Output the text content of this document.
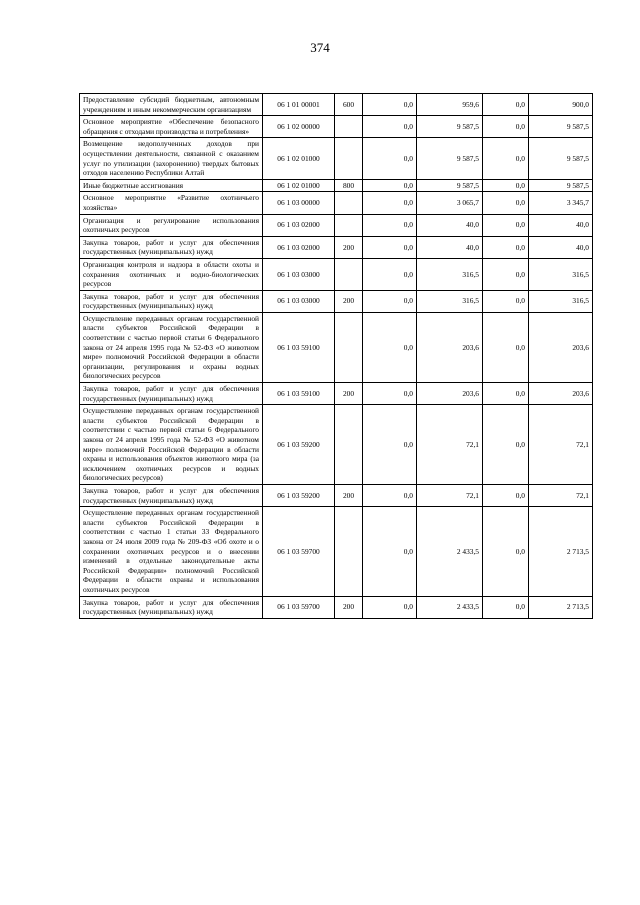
374
Предоставление субсидий бюджетным, автономным учреждениям и иным некоммерческим организациям	06 1 01 00001	600	0,0	959,6	0,0	900,0
Основное мероприятие «Обеспечение безопасного обращения с отходами производства и потребления»	06 1 02 00000		0,0	9 587,5	0,0	9 587,5
Возмещение недополученных доходов при осуществлении деятельности, связанной с оказанием услуг по утилизации (захоронению) твердых бытовых отходов населению Республики Алтай	06 1 02 01000		0,0	9 587,5	0,0	9 587,5
Иные бюджетные ассигнования	06 1 02 01000	800	0,0	9 587,5	0,0	9 587,5
Основное мероприятие «Развитие охотничьего хозяйства»	06 1 03 00000		0,0	3 065,7	0,0	3 345,7
Организация и регулирование использования охотничьих ресурсов	06 1 03 02000		0,0	40,0	0,0	40,0
Закупка товаров, работ и услуг для обеспечения государственных (муниципальных) нужд	06 1 03 02000	200	0,0	40,0	0,0	40,0
Организация контроля и надзора в области охоты и сохранения охотничьих и водно-биологических ресурсов	06 1 03 03000		0,0	316,5	0,0	316,5
Закупка товаров, работ и услуг для обеспечения государственных (муниципальных) нужд	06 1 03 03000	200	0,0	316,5	0,0	316,5
Осуществление переданных органам государственной власти субъектов Российской Федерации в соответствии с частью первой статьи 6 Федерального закона от 24 апреля 1995 года № 52-ФЗ «О животном мире» полномочий Российской Федерации в области организации, регулирования и охраны водных биологических ресурсов	06 1 03 59100		0,0	203,6	0,0	203,6
Закупка товаров, работ и услуг для обеспечения государственных (муниципальных) нужд	06 1 03 59100	200	0,0	203,6	0,0	203,6
Осуществление переданных органам государственной власти субъектов Российской Федерации в соответствии с частью первой статьи 6 Федерального закона от 24 апреля 1995 года № 52-ФЗ «О животном мире» полномочий Российской Федерации в области охраны и использования объектов животного мира (за исключением охотничьих ресурсов и водных биологических ресурсов)	06 1 03 59200		0,0	72,1	0,0	72,1
Закупка товаров, работ и услуг для обеспечения государственных (муниципальных) нужд	06 1 03 59200	200	0,0	72,1	0,0	72,1
Осуществление переданных органам государственной власти субъектов Российской Федерации в соответствии с частью 1 статьи 33 Федерального закона от 24 июля 2009 года № 209-ФЗ «Об охоте и о сохранении охотничьих ресурсов и о внесении изменений в отдельные законодательные акты Российской Федерации» полномочий Российской Федерации в области охраны и использования охотничьих ресурсов	06 1 03 59700		0,0	2 433,5	0,0	2 713,5
Закупка товаров, работ и услуг для обеспечения государственных (муниципальных) нужд	06 1 03 59700	200	0,0	2 433,5	0,0	2 713,5
